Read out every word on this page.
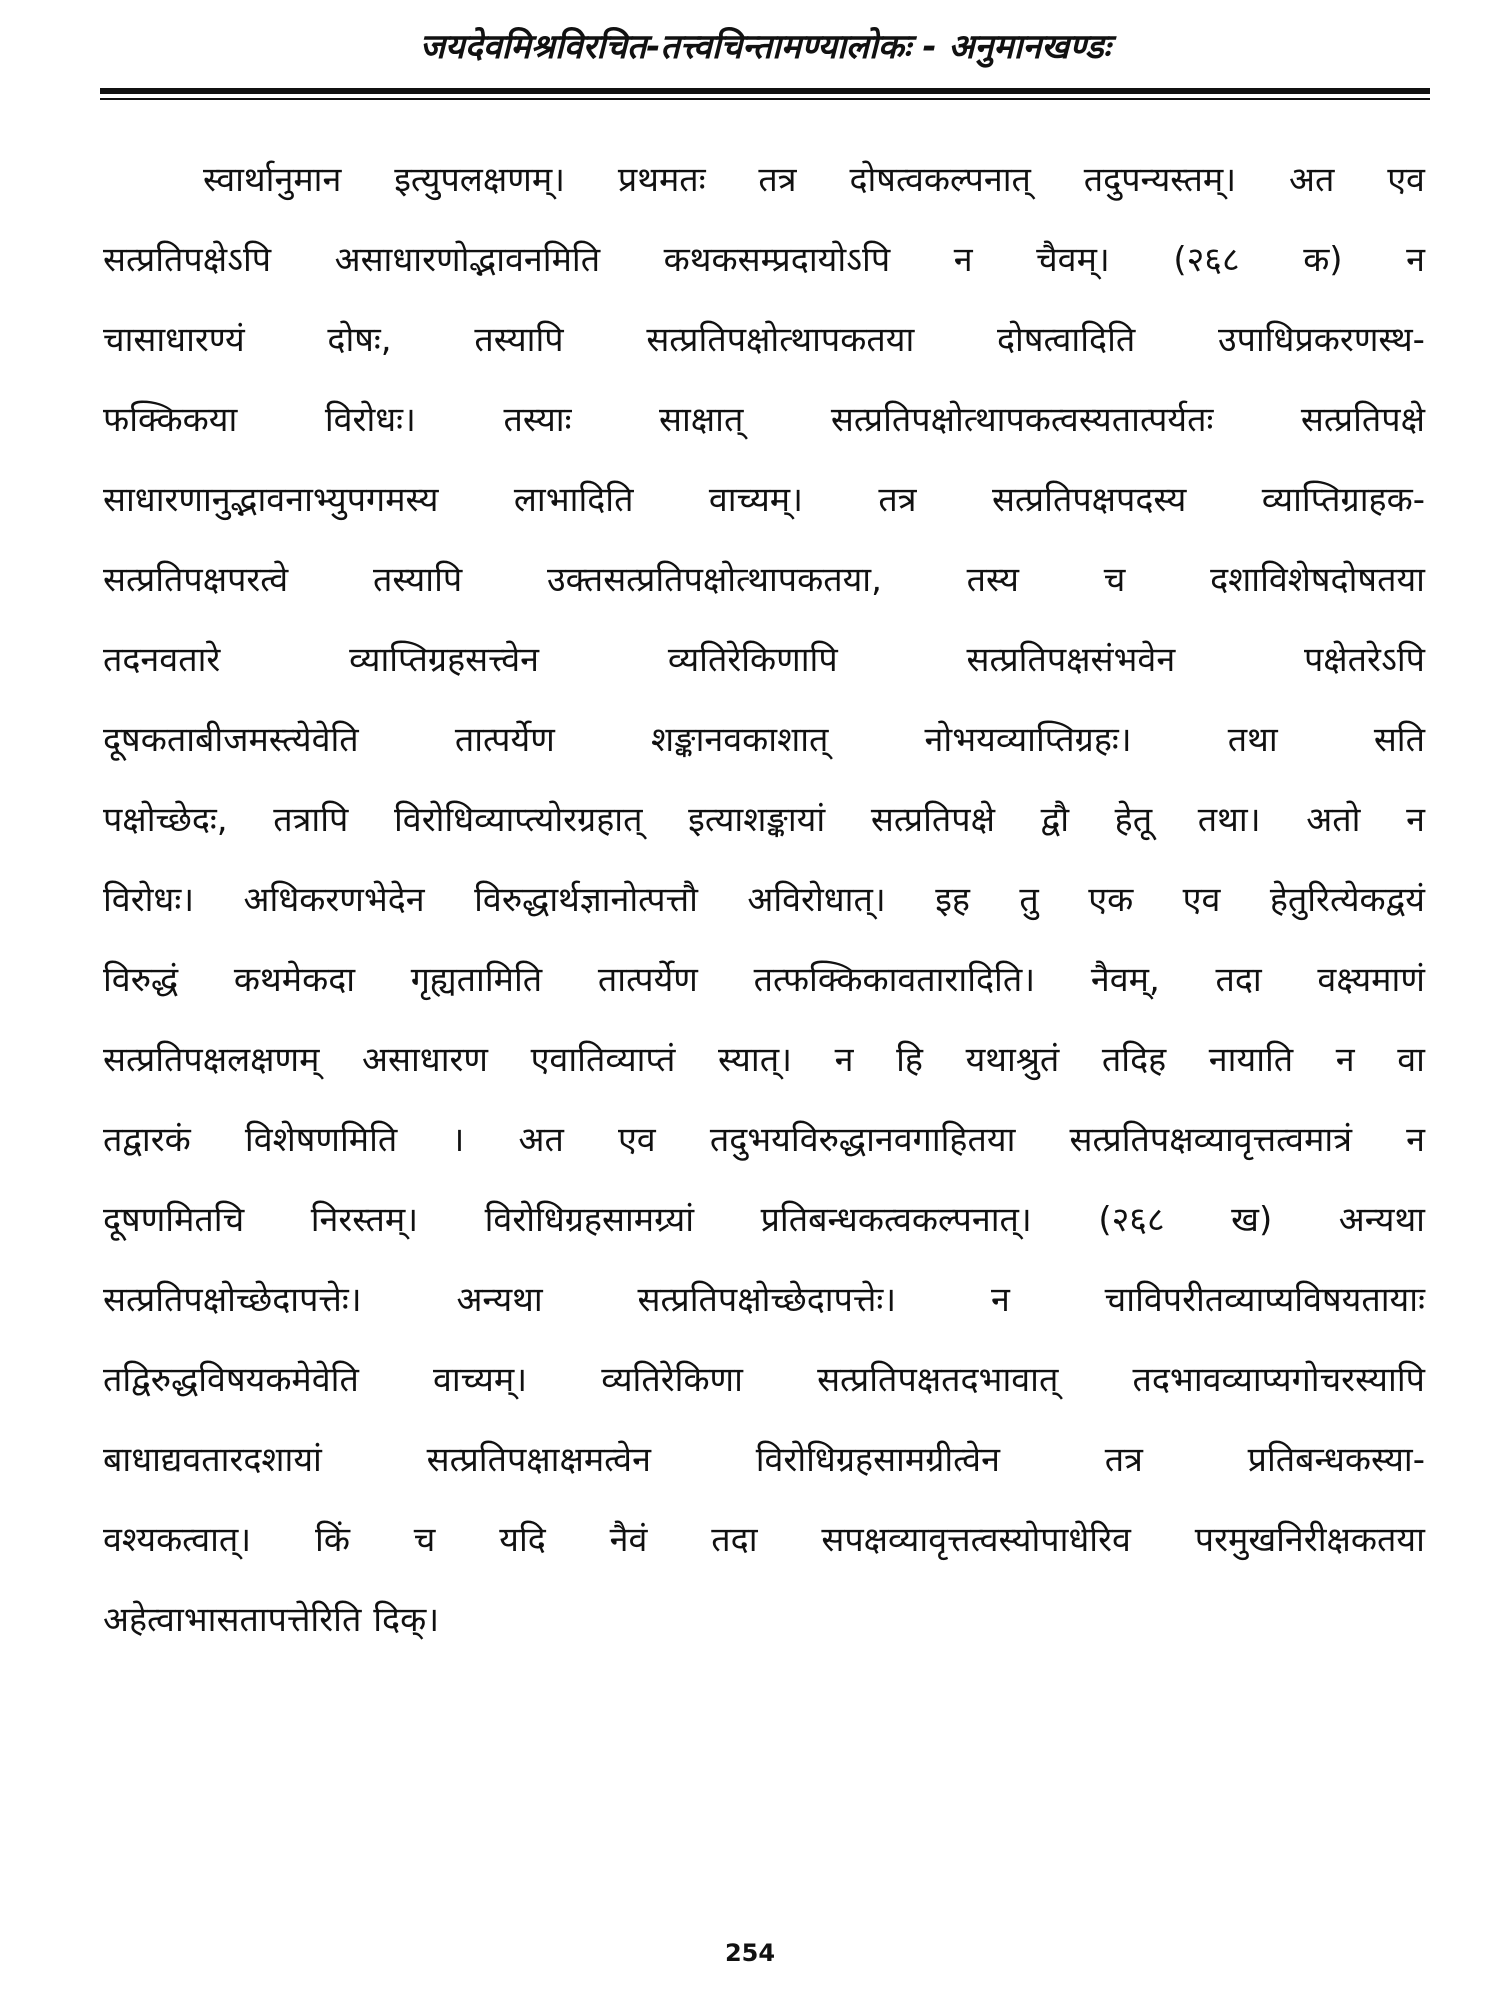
जयदेवमिश्रविरचित-तत्त्वचिन्तामण्यालोकः - अनुमानखण्डः
स्वार्थानुमान इत्युपलक्षणम्। प्रथमतः तत्र दोषत्वकल्पनात् तदुपन्यस्तम्। अत एव
सत्प्रतिपक्षेऽपि असाधारणोद्भावनमिति कथकसम्प्रदायोऽपि न चैवम्। (२६८ क) न
चासाधारण्यं दोषः, तस्यापि सत्प्रतिपक्षोत्थापकतया दोषत्वादिति उपाधिप्रकरणस्थ-
फक्किकया	विरोधः।	तस्याः	साक्षात्	सत्प्रतिपक्षोत्थापकत्वस्यतात्पर्यतः	सत्प्रतिपक्षे
साधारणानुद्भावनाभ्युपगमस्य लाभादिति वाच्यम्। तत्र सत्प्रतिपक्षपदस्य व्याप्तिग्राहक-
सत्प्रतिपक्षपरत्वे तस्यापि उक्तसत्प्रतिपक्षोत्थापकतया, तस्य च दशाविशेषदोषतया
तदनवतारे	व्याप्तिग्रहसत्त्वेन	व्यतिरेकिणापि	सत्प्रतिपक्षसंभवेन	पक्षेतरेऽपि
दूषकताबीजमस्त्येवेति	तात्पर्येण	शङ्कानवकाशात्	नोभयव्याप्तिग्रहः।	तथा	सति
पक्षोच्छेदः, तत्रापि विरोधिव्याप्त्योरग्रहात् इत्याशङ्कायां सत्प्रतिपक्षे द्वौ हेतू तथा। अतो न
विरोधः। अधिकरणभेदेन विरुद्धार्थज्ञानोत्पत्तौ अविरोधात्। इह तु एक एव हेतुरित्येकद्वयं
विरुद्धं कथमेकदा गृह्यतामिति तात्पर्येण तत्फक्किकावतारादिति। नैवम्, तदा वक्ष्यमाणं
सत्प्रतिपक्षलक्षणम् असाधारण एवातिव्याप्तं स्यात्। न हि यथाश्रुतं तदिह नायाति न वा
तद्वारकं विशेषणमिति । अत एव तदुभयविरुद्धानवगाहितया सत्प्रतिपक्षव्यावृत्तत्वमात्रं न
दूषणमितचि निरस्तम्। विरोधिग्रहसामग्र्यां प्रतिबन्धकत्वकल्पनात्। (२६८ ख) अन्यथा
सत्प्रतिपक्षोच्छेदापत्तेः।	अन्यथा	सत्प्रतिपक्षोच्छेदापत्तेः।	न	चाविपरीतव्याप्यविषयतायाः
तद्विरुद्धविषयकमेवेति वाच्यम्। व्यतिरेकिणा सत्प्रतिपक्षतदभावात् तदभावव्याप्यगोचरस्यापि
बाधाद्यवतारदशायां	सत्प्रतिपक्षाक्षमत्वेन	विरोधिग्रहसामग्रीत्वेन	तत्र	प्रतिबन्धकस्या-
वश्यकत्वात्। किं च यदि नैवं तदा सपक्षव्यावृत्तत्वस्योपाधेरिव परमुखनिरीक्षकतया
अहेत्वाभासतापत्तेरिति दिक्।
254
